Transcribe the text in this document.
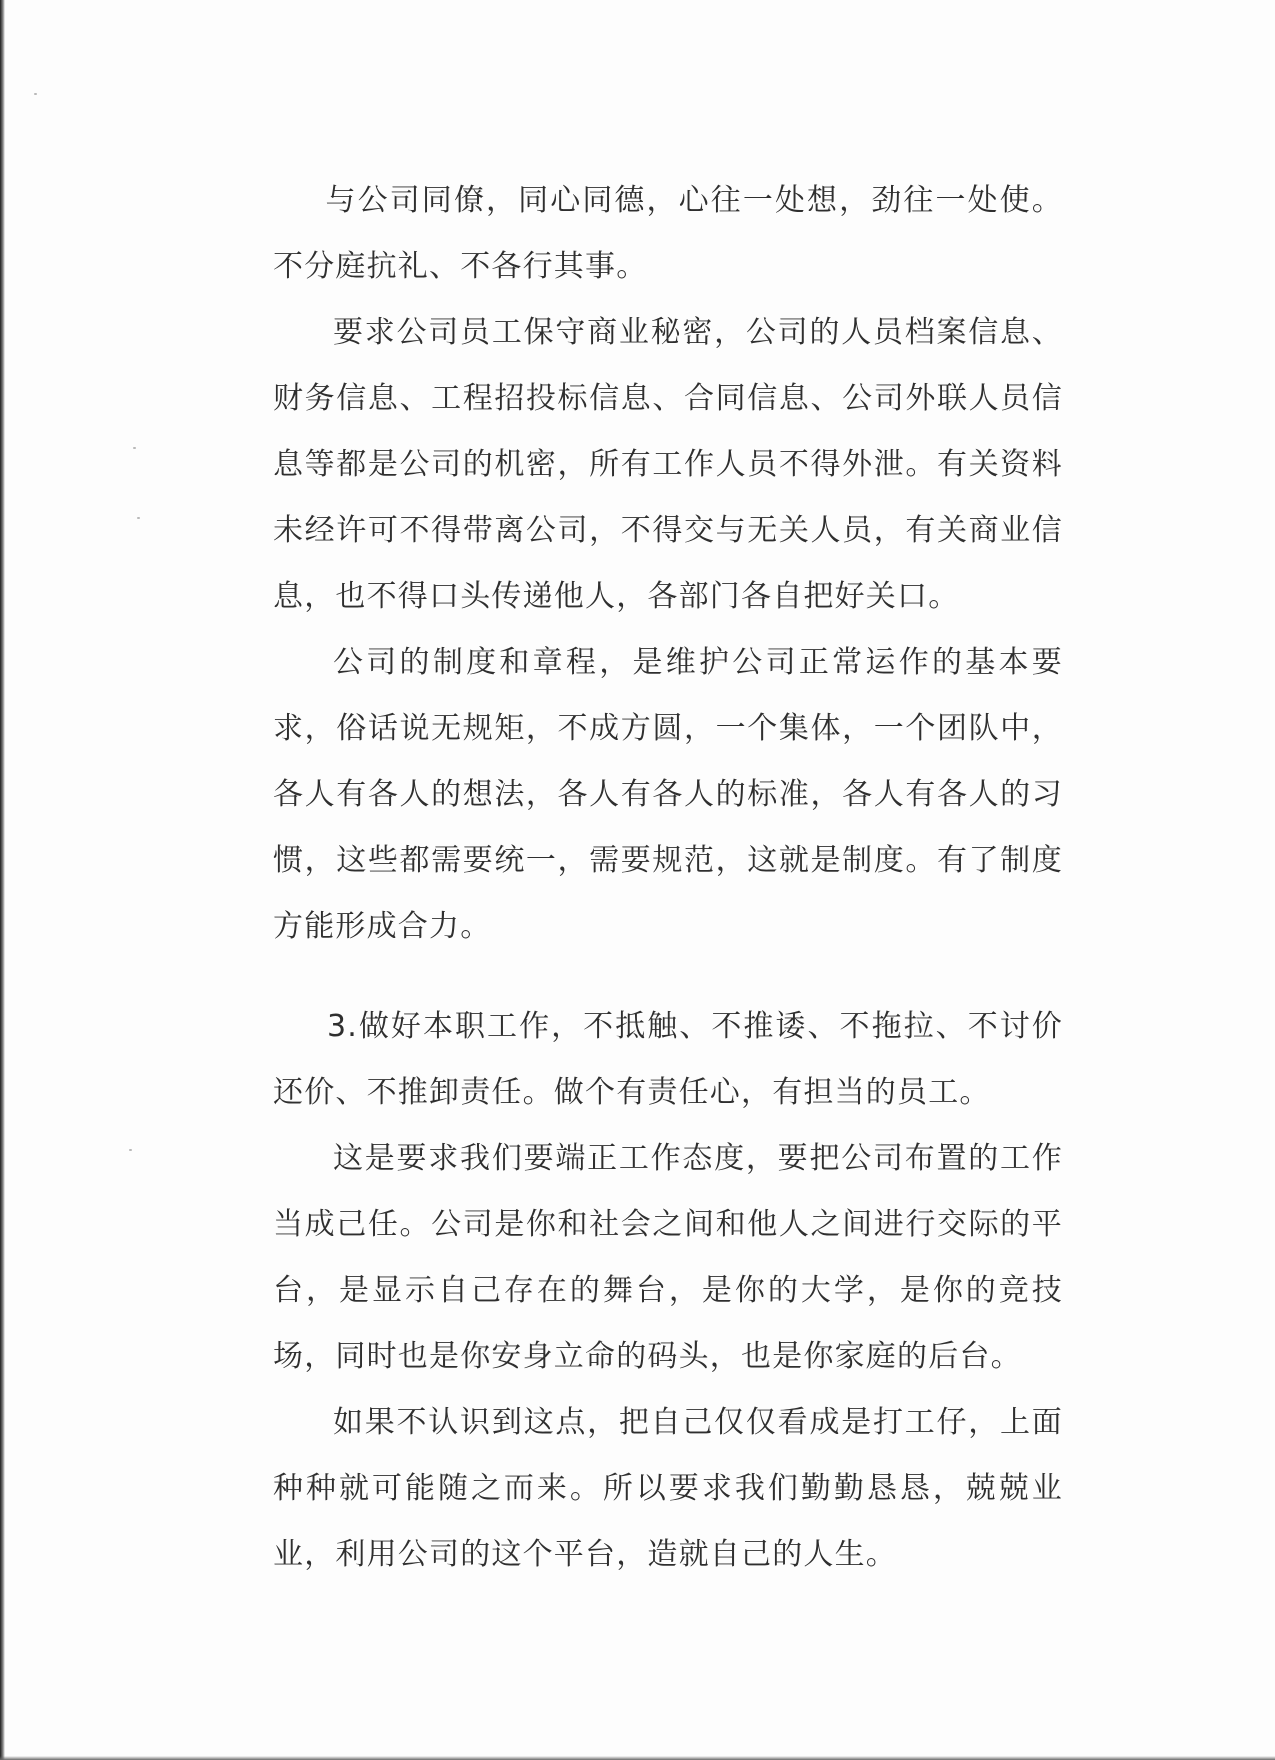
与公司同僚，同心同德，心往一处想，劲往一处使。不分庭抗礼、不各行其事。

要求公司员工保守商业秘密，公司的人员档案信息、财务信息、工程招投标信息、合同信息、公司外联人员信息等都是公司的机密，所有工作人员不得外泄。有关资料未经许可不得带离公司，不得交与无关人员，有关商业信息，也不得口头传递他人，各部门各自把好关口。

公司的制度和章程，是维护公司正常运作的基本要求，俗话说无规矩，不成方圆，一个集体，一个团队中，各人有各人的想法，各人有各人的标准，各人有各人的习惯，这些都需要统一，需要规范，这就是制度。有了制度方能形成合力。

3.做好本职工作，不抵触、不推诿、不拖拉、不讨价还价、不推卸责任。做个有责任心，有担当的员工。

这是要求我们要端正工作态度，要把公司布置的工作当成己任。公司是你和社会之间和他人之间进行交际的平台，是显示自己存在的舞台，是你的大学，是你的竞技场，同时也是你安身立命的码头，也是你家庭的后台。

如果不认识到这点，把自己仅仅看成是打工仔，上面种种就可能随之而来。所以要求我们勤勤恳恳，兢兢业业，利用公司的这个平台，造就自己的人生。
